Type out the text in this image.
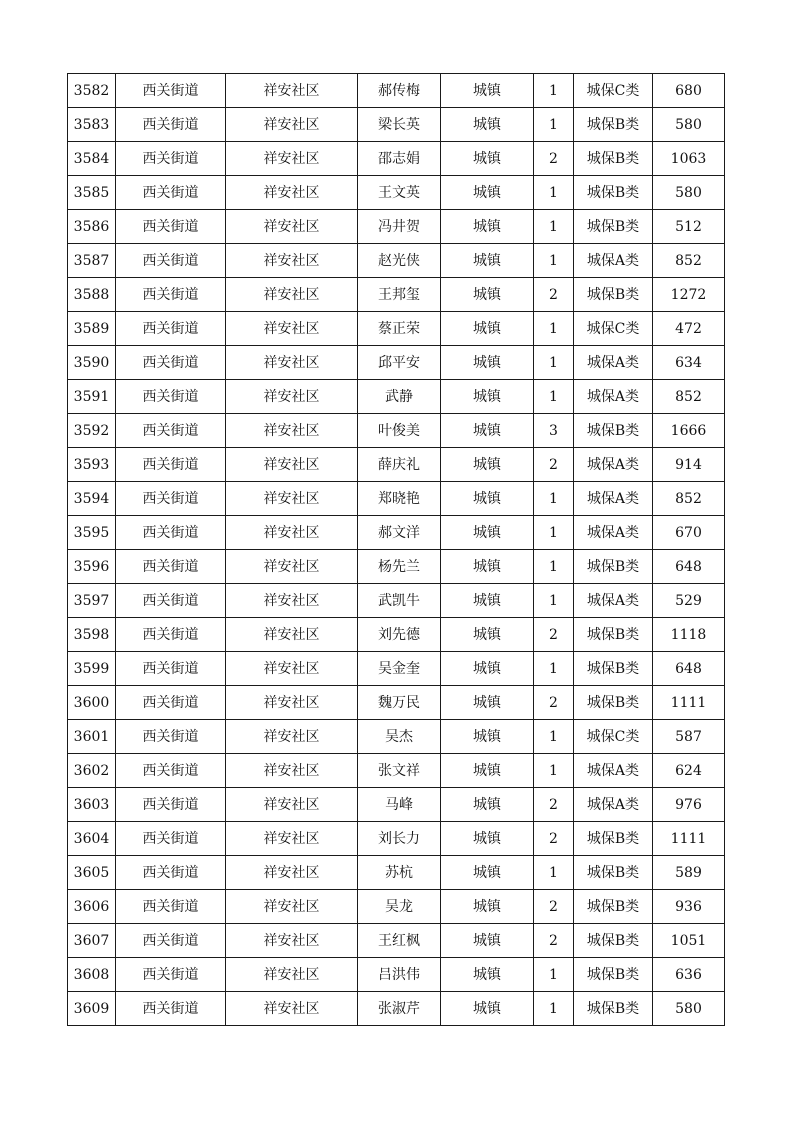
3582	西关街道	祥安社区	郝传梅	城镇	1	城保C类	680
3583	西关街道	祥安社区	梁长英	城镇	1	城保B类	580
3584	西关街道	祥安社区	邵志娟	城镇	2	城保B类	1063
3585	西关街道	祥安社区	王文英	城镇	1	城保B类	580
3586	西关街道	祥安社区	冯井贺	城镇	1	城保B类	512
3587	西关街道	祥安社区	赵光侠	城镇	1	城保A类	852
3588	西关街道	祥安社区	王邦玺	城镇	2	城保B类	1272
3589	西关街道	祥安社区	蔡正荣	城镇	1	城保C类	472
3590	西关街道	祥安社区	邱平安	城镇	1	城保A类	634
3591	西关街道	祥安社区	武静	城镇	1	城保A类	852
3592	西关街道	祥安社区	叶俊美	城镇	3	城保B类	1666
3593	西关街道	祥安社区	薛庆礼	城镇	2	城保A类	914
3594	西关街道	祥安社区	郑晓艳	城镇	1	城保A类	852
3595	西关街道	祥安社区	郝文洋	城镇	1	城保A类	670
3596	西关街道	祥安社区	杨先兰	城镇	1	城保B类	648
3597	西关街道	祥安社区	武凯牛	城镇	1	城保A类	529
3598	西关街道	祥安社区	刘先德	城镇	2	城保B类	1118
3599	西关街道	祥安社区	吴金奎	城镇	1	城保B类	648
3600	西关街道	祥安社区	魏万民	城镇	2	城保B类	1111
3601	西关街道	祥安社区	吴杰	城镇	1	城保C类	587
3602	西关街道	祥安社区	张文祥	城镇	1	城保A类	624
3603	西关街道	祥安社区	马峰	城镇	2	城保A类	976
3604	西关街道	祥安社区	刘长力	城镇	2	城保B类	1111
3605	西关街道	祥安社区	苏杭	城镇	1	城保B类	589
3606	西关街道	祥安社区	吴龙	城镇	2	城保B类	936
3607	西关街道	祥安社区	王红枫	城镇	2	城保B类	1051
3608	西关街道	祥安社区	吕洪伟	城镇	1	城保B类	636
3609	西关街道	祥安社区	张淑芹	城镇	1	城保B类	580
